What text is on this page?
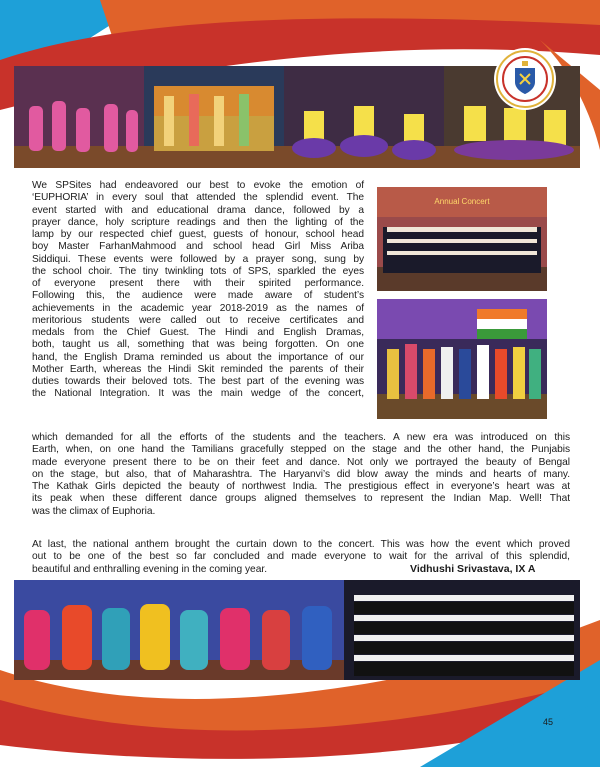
Annual Concert

We SPSites had endeavored our best to evoke the emotion of

‘EUPHORIA’ in every soul that attended the splendid event. The

event started with and educational drama dance, followed by a

prayer dance, holy scripture readings and then the lighting of the

lamp by our respected chief guest, guests of honour, school head

boy Master FarhanMahmood and school head Girl Miss Ariba

Siddiqui. These events were followed by a prayer song, sung by

the school choir. The tiny twinkling tots of SPS, sparkled the eyes

of everyone present there with their spirited performance.

Following this, the audience were made aware of student’s

achievements in the academic year 2018-2019 as the names of

meritorious students were called out to receive certificates and

medals from the Chief Guest. The Hindi and English Dramas,

both, taught us all, something that was being forgotten. On one

hand, the English Drama reminded us about the importance of our

Mother Earth, whereas the Hindi Skit reminded the parents of their

duties towards their beloved tots. The best part of the evening was

the National Integration. It was the main wedge of the concert,

which demanded for all the efforts of the students and the teachers. A new era was introduced on this

Earth, when, on one hand the Tamilians gracefully stepped on the stage and the other hand, the Punjabis

made everyone present there to be on their feet and dance. Not only we portrayed the beauty of Bengal

on the stage, but also, that of Maharashtra. The Haryanvi’s did blow away the minds and hearts of many.

The Kathak Girls depicted the beauty of northwest India. The prestigious effect in everyone’s heart was at

its peak when these different dance groups aligned themselves to represent the Indian Map. Well! That

was the climax of Euphoria.

At last, the national anthem brought the curtain down to the concert. This was how the event which proved

out to be one of the best so far concluded and made everyone to wait for the arrival of this splendid,

beautiful and enthralling evening in the coming year.	Vidhushi Srivastava, IX A
45
